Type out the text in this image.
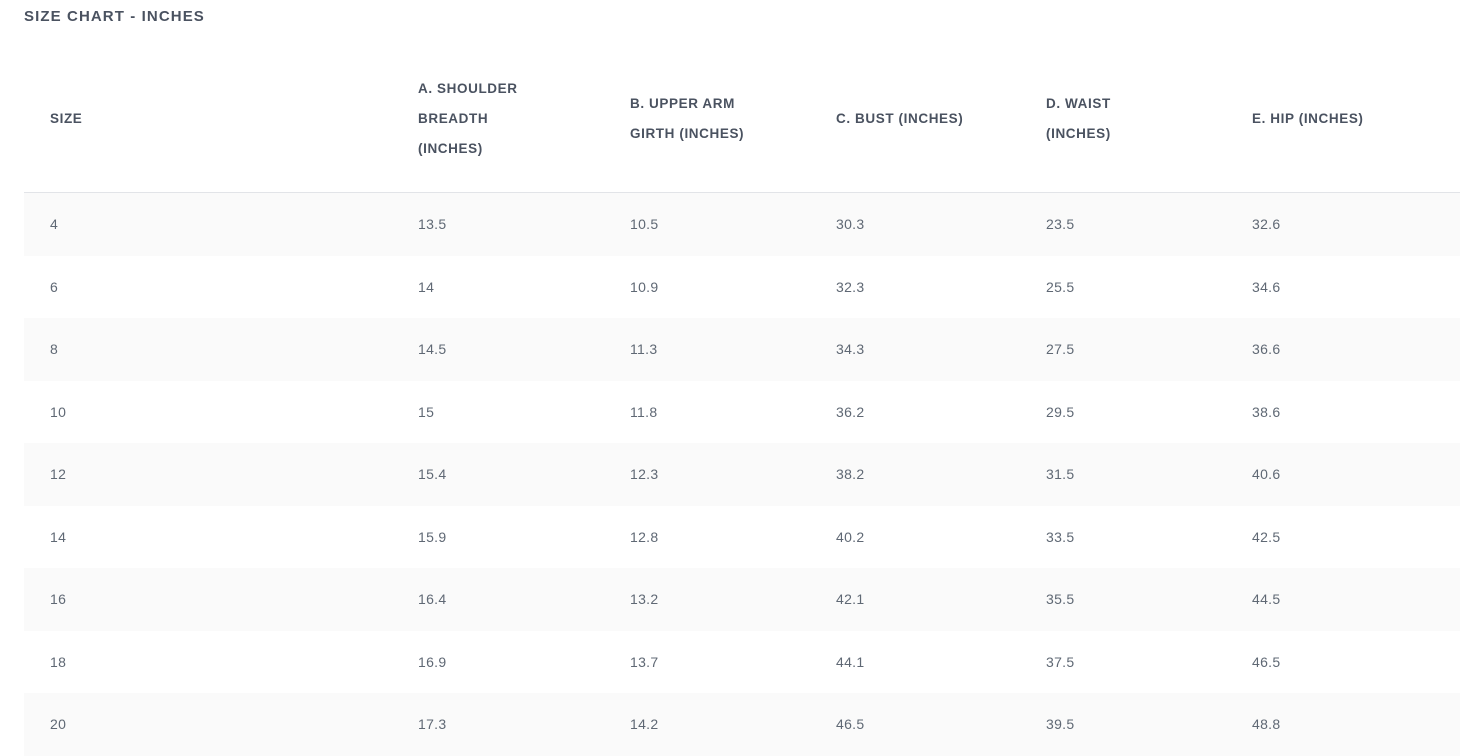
SIZE CHART - INCHES
SIZE	A. SHOULDER BREADTH (INCHES)	B. UPPER ARM GIRTH (INCHES)	C. BUST (INCHES)	D. WAIST (INCHES)	E. HIP (INCHES)

4	13.5	10.5	30.3	23.5	32.6
6	14	10.9	32.3	25.5	34.6
8	14.5	11.3	34.3	27.5	36.6
10	15	11.8	36.2	29.5	38.6
12	15.4	12.3	38.2	31.5	40.6
14	15.9	12.8	40.2	33.5	42.5
16	16.4	13.2	42.1	35.5	44.5
18	16.9	13.7	44.1	37.5	46.5
20	17.3	14.2	46.5	39.5	48.8
